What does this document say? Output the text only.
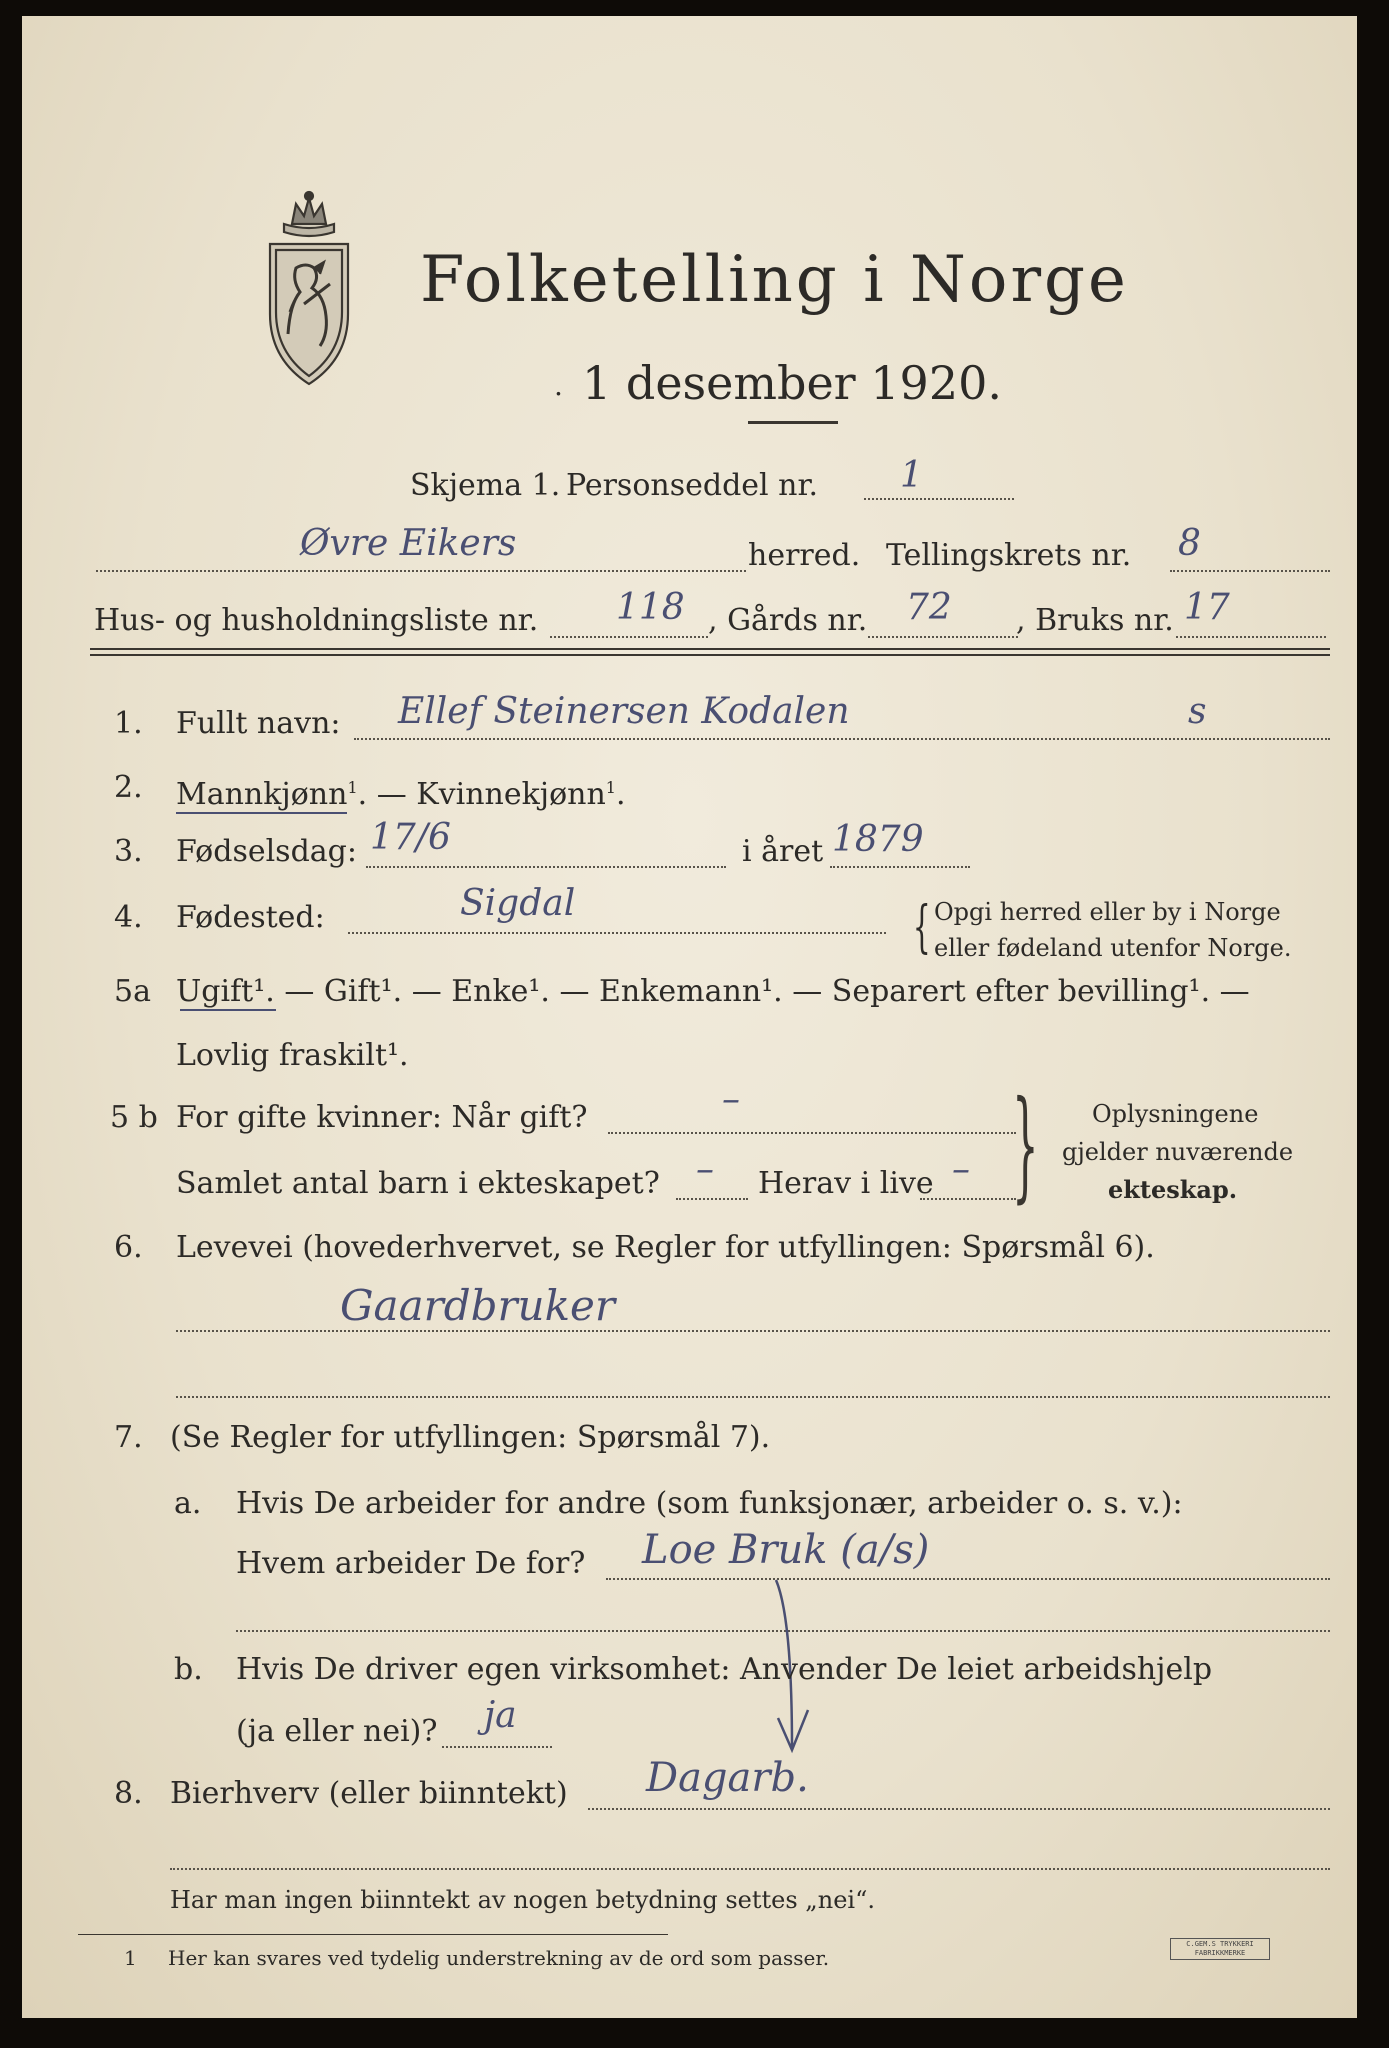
Folketelling i Norge
. 1 desember 1920.
Skjema 1. Personseddel nr. 1
Øvre Eikers	herred. Tellingskrets nr. 8
Hus- og husholdningsliste nr. 118 , Gårds nr. 72 , Bruks nr. 17
1. Fullt navn: Ellef Steinersen Kodalen	s
2. Mannkjønn$^1$. — Kvinnekjønn$^1$.
3. Fødselsdag: 17/6	i året 1879
4. Fødested:	Sigdal	{ Opgi herred eller by i Norge
eller fødeland utenfor Norge.
5a Ugift¹. — Gift¹. — Enke¹. — Enkemann¹. — Separert efter bevilling¹. —
Lovlig fraskilt¹.
5 b For gifte kvinner: Når gift?	–
Samlet antal barn i ekteskapet? – Herav i live – } Oplysningene
gjelder nuværende
ekteskap.
6. Levevei (hovederhvervet, se Regler for utfyllingen: Spørsmål 6).
Gaardbruker
7. (Se Regler for utfyllingen: Spørsmål 7).
a. Hvis De arbeider for andre (som funksjonær, arbeider o. s. v.):
Hvem arbeider De for? Loe Bruk (a/s)
b. Hvis De driver egen virksomhet: Anvender De leiet arbeidshjelp
(ja eller nei)? ja
8. Bierhverv (eller biinntekt) Dagarb.
Har man ingen biinntekt av nogen betydning settes „nei“.
1 Her kan svares ved tydelig understrekning av de ord som passer.
C.GEM.S TRYKKERI
FABRIKKMERKE
